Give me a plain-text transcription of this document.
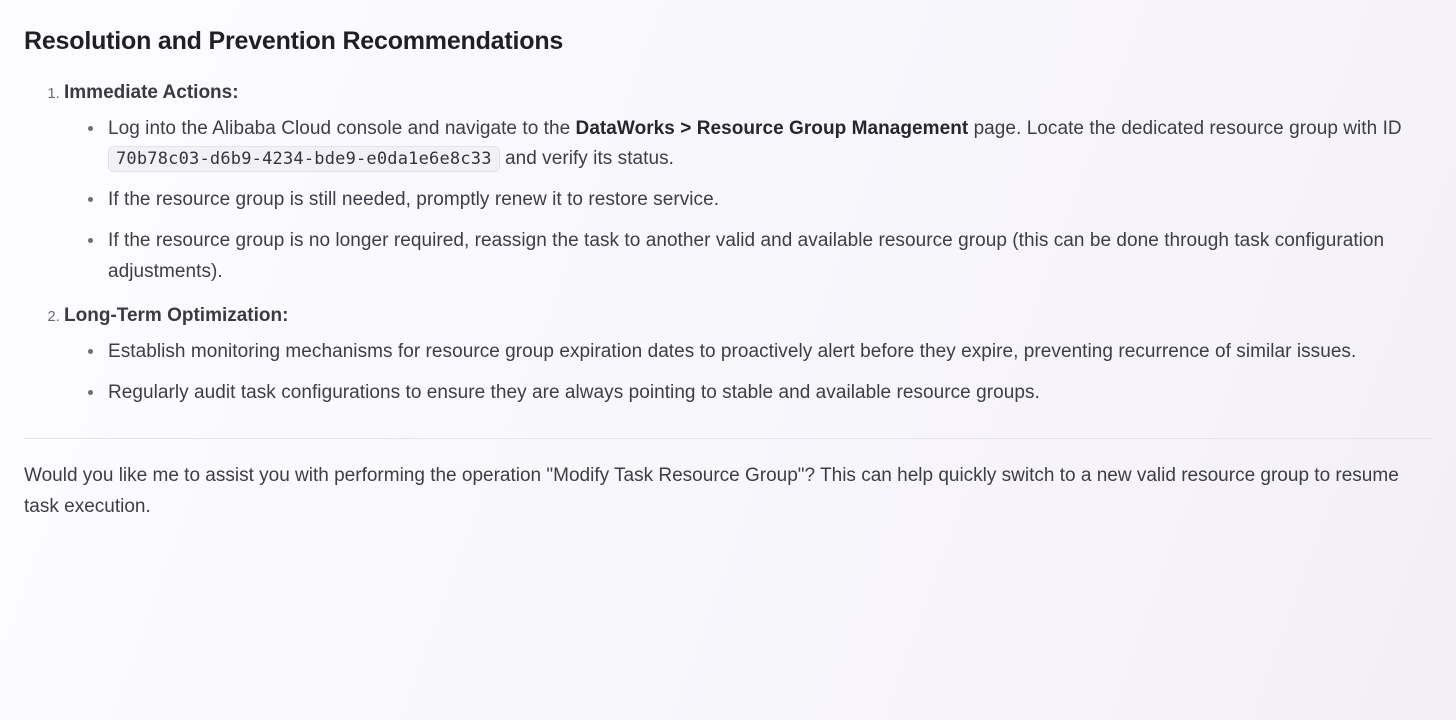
Resolution and Prevention Recommendations
1. Immediate Actions:
Log into the Alibaba Cloud console and navigate to the DataWorks > Resource Group Management page. Locate the dedicated resource group with ID 70b78c03-d6b9-4234-bde9-e0da1e6e8c33 and verify its status.
If the resource group is still needed, promptly renew it to restore service.
If the resource group is no longer required, reassign the task to another valid and available resource group (this can be done through task configuration adjustments).
2. Long-Term Optimization:
Establish monitoring mechanisms for resource group expiration dates to proactively alert before they expire, preventing recurrence of similar issues.
Regularly audit task configurations to ensure they are always pointing to stable and available resource groups.

Would you like me to assist you with performing the operation "Modify Task Resource Group"? This can help quickly switch to a new valid resource group to resume task execution.
